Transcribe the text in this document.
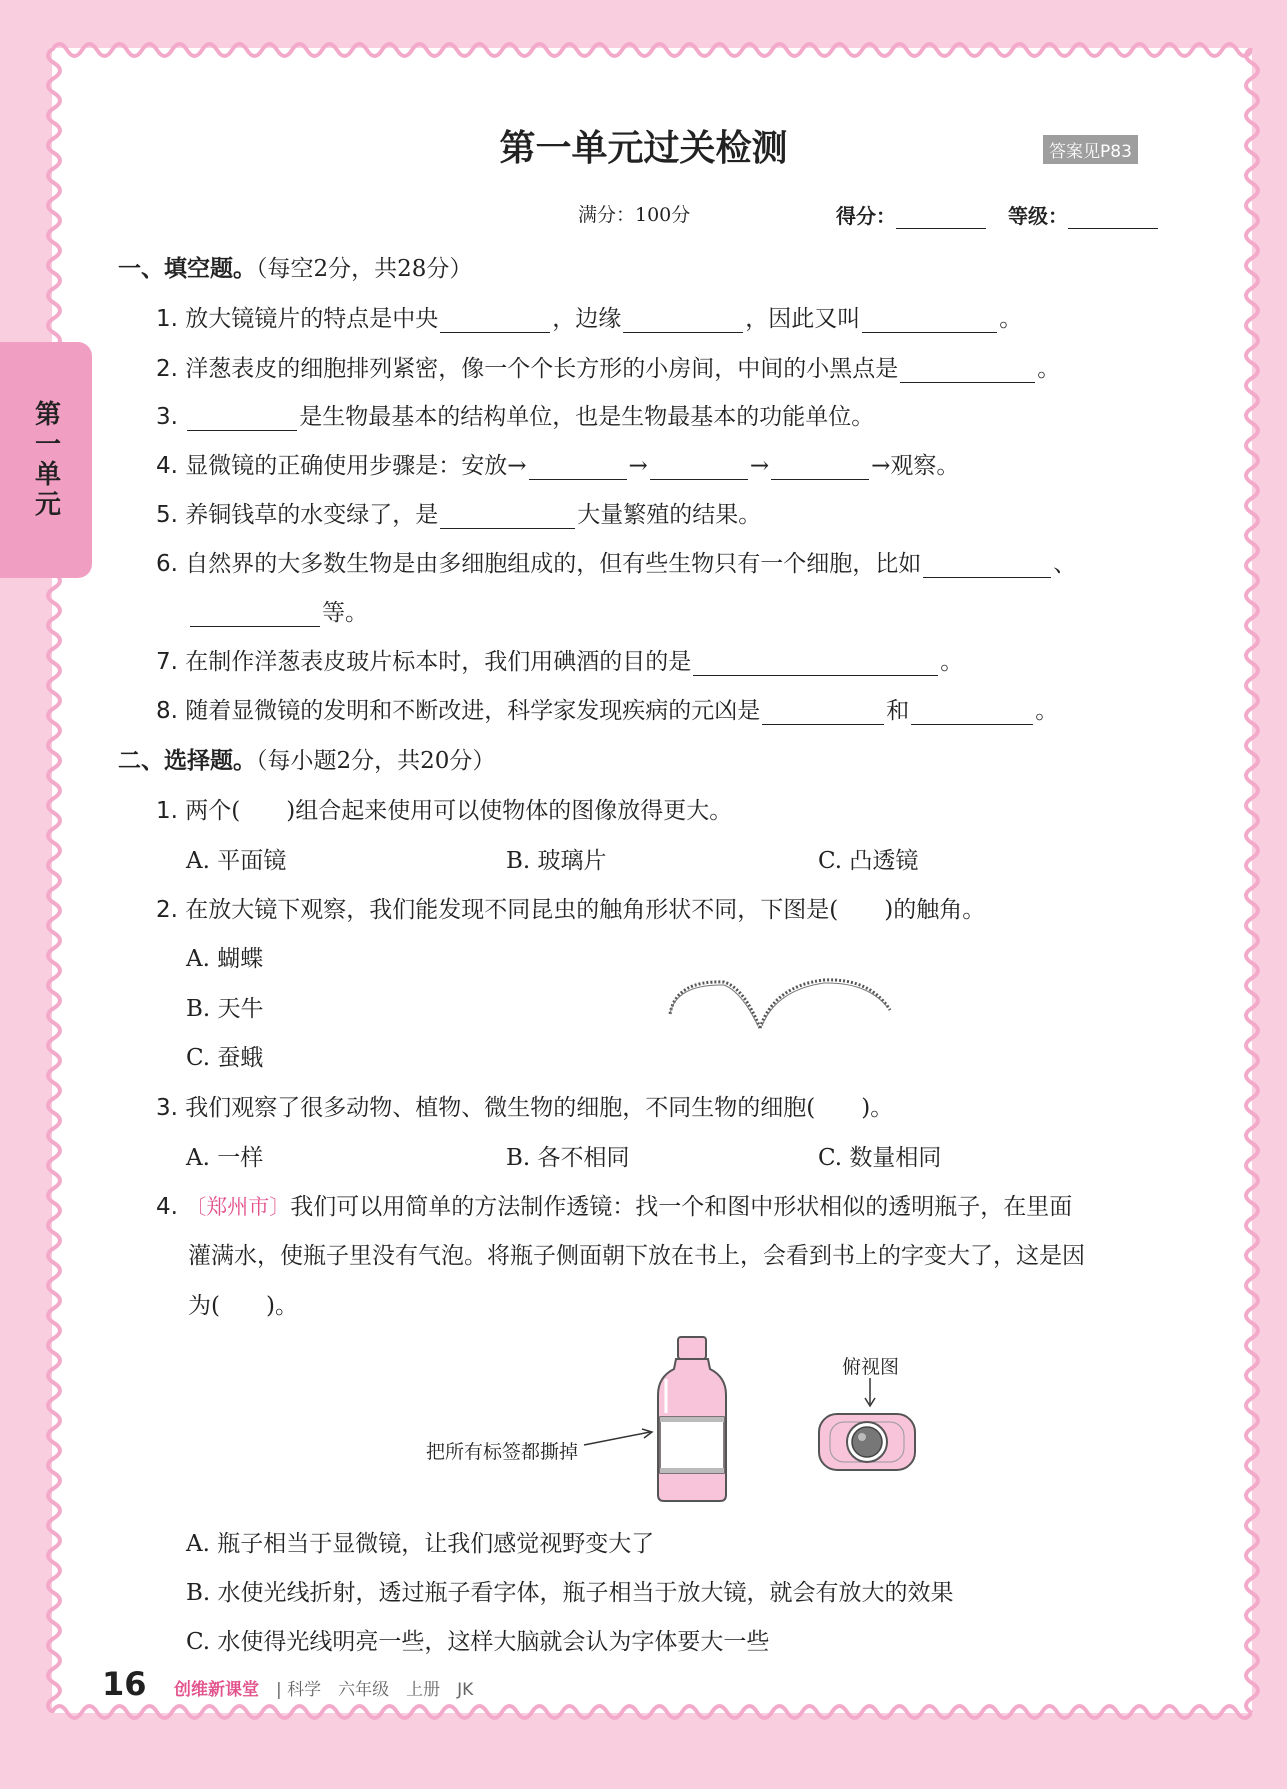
第一单元
第一单元过关检测	答案见P83
满分：100分	得分：	等级：
一、填空题。（每空2分，共28分）
1. 放大镜镜片的特点是中央	，边缘	，因此又叫	。
2. 洋葱表皮的细胞排列紧密，像一个个长方形的小房间，中间的小黑点是	。
3.	是生物最基本的结构单位，也是生物最基本的功能单位。
4. 显微镜的正确使用步骤是：安放→	→	→	→观察。
5. 养铜钱草的水变绿了，是	大量繁殖的结果。
6. 自然界的大多数生物是由多细胞组成的，但有些生物只有一个细胞，比如	、
等。
7. 在制作洋葱表皮玻片标本时，我们用碘酒的目的是	。
8. 随着显微镜的发明和不断改进，科学家发现疾病的元凶是	和	。
二、选择题。（每小题2分，共20分）
1. 两个(　　)组合起来使用可以使物体的图像放得更大。
A. 平面镜	B. 玻璃片	C. 凸透镜
2. 在放大镜下观察，我们能发现不同昆虫的触角形状不同，下图是(　　)的触角。
A. 蝴蝶
B. 天牛
C. 蚕蛾
3. 我们观察了很多动物、植物、微生物的细胞，不同生物的细胞(　　)。
A. 一样	B. 各不相同	C. 数量相同
4. 〔郑州市〕我们可以用简单的方法制作透镜：找一个和图中形状相似的透明瓶子，在里面
灌满水，使瓶子里没有气泡。将瓶子侧面朝下放在书上，会看到书上的字变大了，这是因
为(　　)。
把所有标签都撕掉
俯视图
A. 瓶子相当于显微镜，让我们感觉视野变大了
B. 水使光线折射，透过瓶子看字体，瓶子相当于放大镜，就会有放大的效果
C. 水使得光线明亮一些，这样大脑就会认为字体要大一些
16 创维新课堂 | 科学　六年级　上册　JK
